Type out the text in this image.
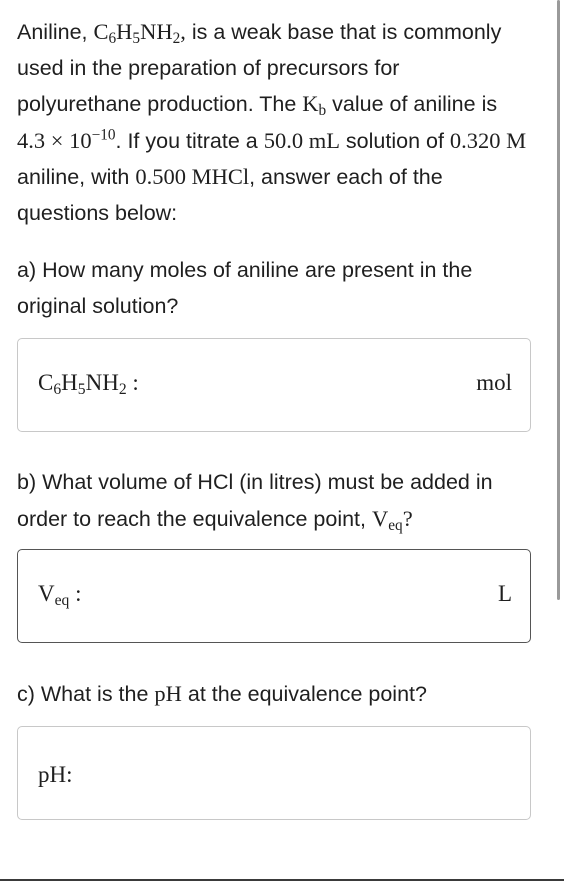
Aniline, $C_6H_5NH_2$, is a weak base that is commonly used in the preparation of precursors for polyurethane production. The $K_b$ value of aniline is $4.3 \times 10^{-10}$. If you titrate a 50.0 mL solution of 0.320 M aniline, with 0.500 MHCl, answer each of the questions below:

a) How many moles of aniline are present in the original solution?

$C_6H_5NH_2$ :	mol

b) What volume of HCl (in litres) must be added in order to reach the equivalence point, $V_{eq}$?

$V_{eq}$ :	L

c) What is the pH at the equivalence point?

pH:
